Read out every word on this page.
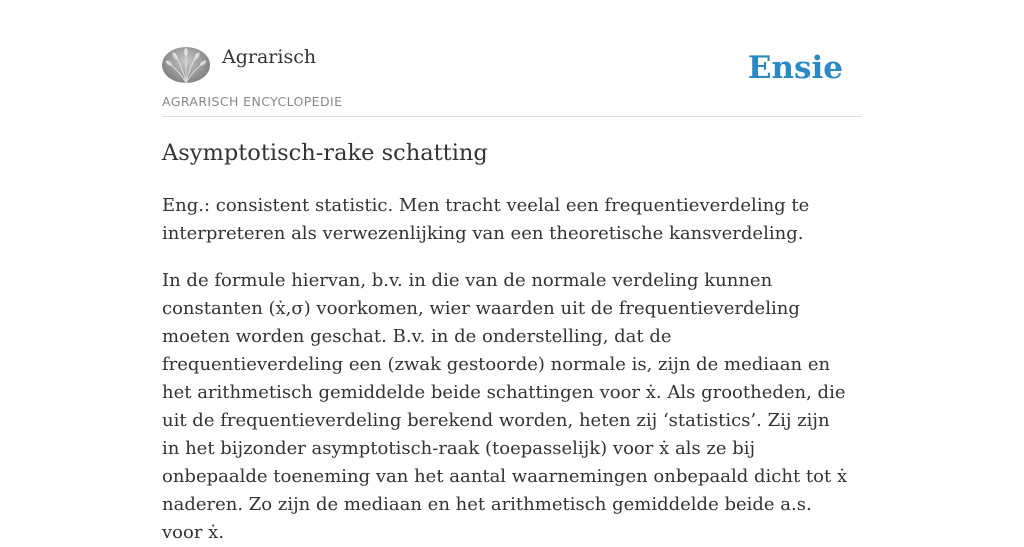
Agrarisch
AGRARISCH ENCYCLOPEDIE
Ensie
Asymptotisch-rake schatting

Eng.: consistent statistic. Men tracht veelal een frequentieverdeling te interpreteren als verwezenlijking van een theoretische kansverdeling.

In de formule hiervan, b.v. in die van de normale verdeling kunnen constanten (ẋ,σ) voorkomen, wier waarden uit de frequentieverdeling moeten worden geschat. B.v. in de onderstelling, dat de frequentieverdeling een (zwak gestoorde) normale is, zijn de mediaan en het arithmetisch gemiddelde beide schattingen voor ẋ. Als grootheden, die uit de frequentieverdeling berekend worden, heten zij ‘statistics’. Zij zijn in het bijzonder asymptotisch-raak (toepasselijk) voor ẋ als ze bij onbepaalde toeneming van het aantal waarnemingen onbepaald dicht tot ẋ naderen. Zo zijn de mediaan en het arithmetisch gemiddelde beide a.s. voor ẋ.
